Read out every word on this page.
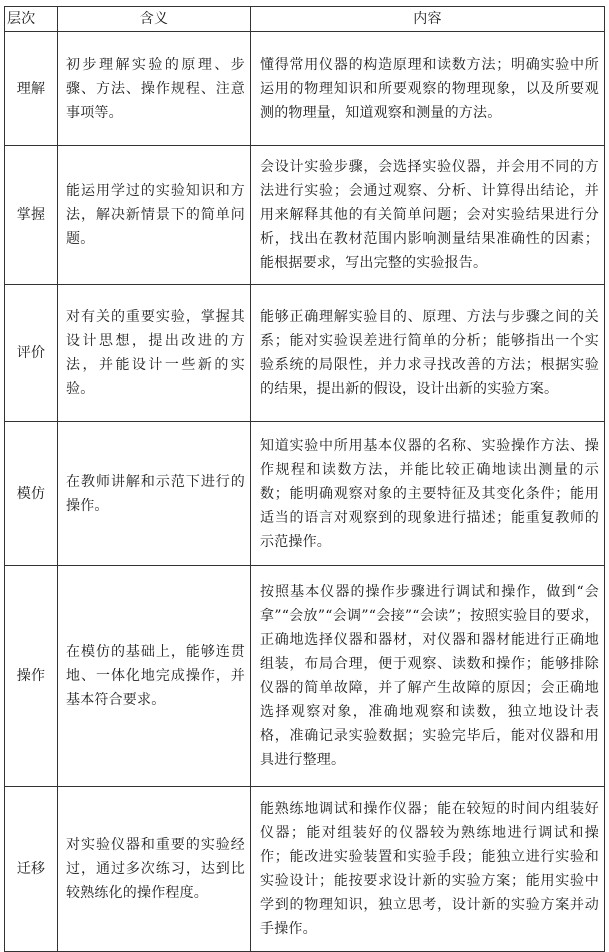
层次	含义	内容
理解	初步理解实验的原理、步骤、方法、操作规程、注意事项等。	懂得常用仪器的构造原理和读数方法；明确实验中所运用的物理知识和所要观察的物理现象，以及所要观测的物理量，知道观察和测量的方法。
掌握	能运用学过的实验知识和方法，解决新情景下的简单问题。	会设计实验步骤，会选择实验仪器，并会用不同的方法进行实验；会通过观察、分析、计算得出结论，并用来解释其他的有关简单问题；会对实验结果进行分析，找出在教材范围内影响测量结果准确性的因素；能根据要求，写出完整的实验报告。
评价	对有关的重要实验，掌握其设计思想，提出改进的方法，并能设计一些新的实验。	能够正确理解实验目的、原理、方法与步骤之间的关系；能对实验误差进行简单的分析；能够指出一个实验系统的局限性，并力求寻找改善的方法；根据实验的结果，提出新的假设，设计出新的实验方案。
模仿	在教师讲解和示范下进行的操作。	知道实验中所用基本仪器的名称、实验操作方法、操作规程和读数方法，并能比较正确地读出测量的示数；能明确观察对象的主要特征及其变化条件；能用适当的语言对观察到的现象进行描述；能重复教师的示范操作。
操作	在模仿的基础上，能够连贯地、一体化地完成操作，并基本符合要求。	按照基本仪器的操作步骤进行调试和操作，做到“会拿”“会放”“会调”“会接”“会读”；按照实验目的要求，正确地选择仪器和器材，对仪器和器材能进行正确地组装，布局合理，便于观察、读数和操作；能够排除仪器的简单故障，并了解产生故障的原因；会正确地选择观察对象，准确地观察和读数，独立地设计表格，准确记录实验数据；实验完毕后，能对仪器和用具进行整理。
迁移	对实验仪器和重要的实验经过，通过多次练习，达到比较熟练化的操作程度。	能熟练地调试和操作仪器；能在较短的时间内组装好仪器；能对组装好的仪器较为熟练地进行调试和操作；能改进实验装置和实验手段；能独立进行实验和实验设计；能按要求设计新的实验方案；能用实验中学到的物理知识，独立思考，设计新的实验方案并动手操作。
